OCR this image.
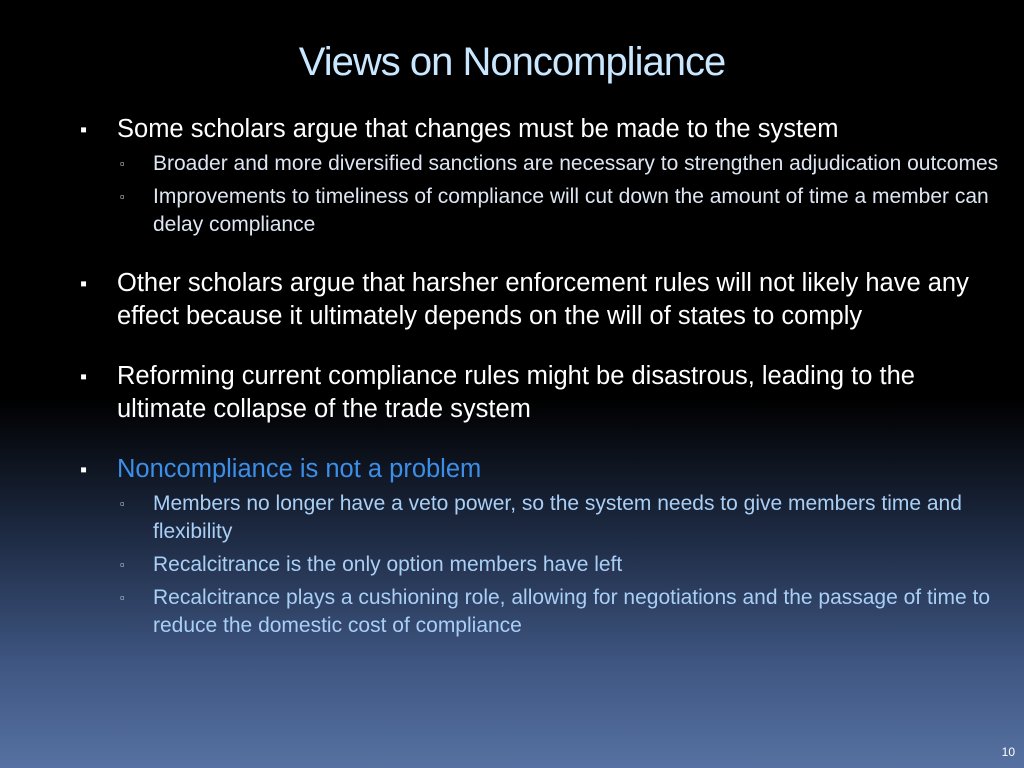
Views on Noncompliance
▪ Some scholars argue that changes must be made to the system
▫ Broader and more diversified sanctions are necessary to strengthen adjudication outcomes
▫ Improvements to timeliness of compliance will cut down the amount of time a member can delay compliance
▪ Other scholars argue that harsher enforcement rules will not likely have any effect because it ultimately depends on the will of states to comply
▪ Reforming current compliance rules might be disastrous, leading to the ultimate collapse of the trade system
▪ Noncompliance is not a problem
▫ Members no longer have a veto power, so the system needs to give members time and flexibility
▫ Recalcitrance is the only option members have left
▫ Recalcitrance plays a cushioning role, allowing for negotiations and the passage of time to reduce the domestic cost of compliance
10
